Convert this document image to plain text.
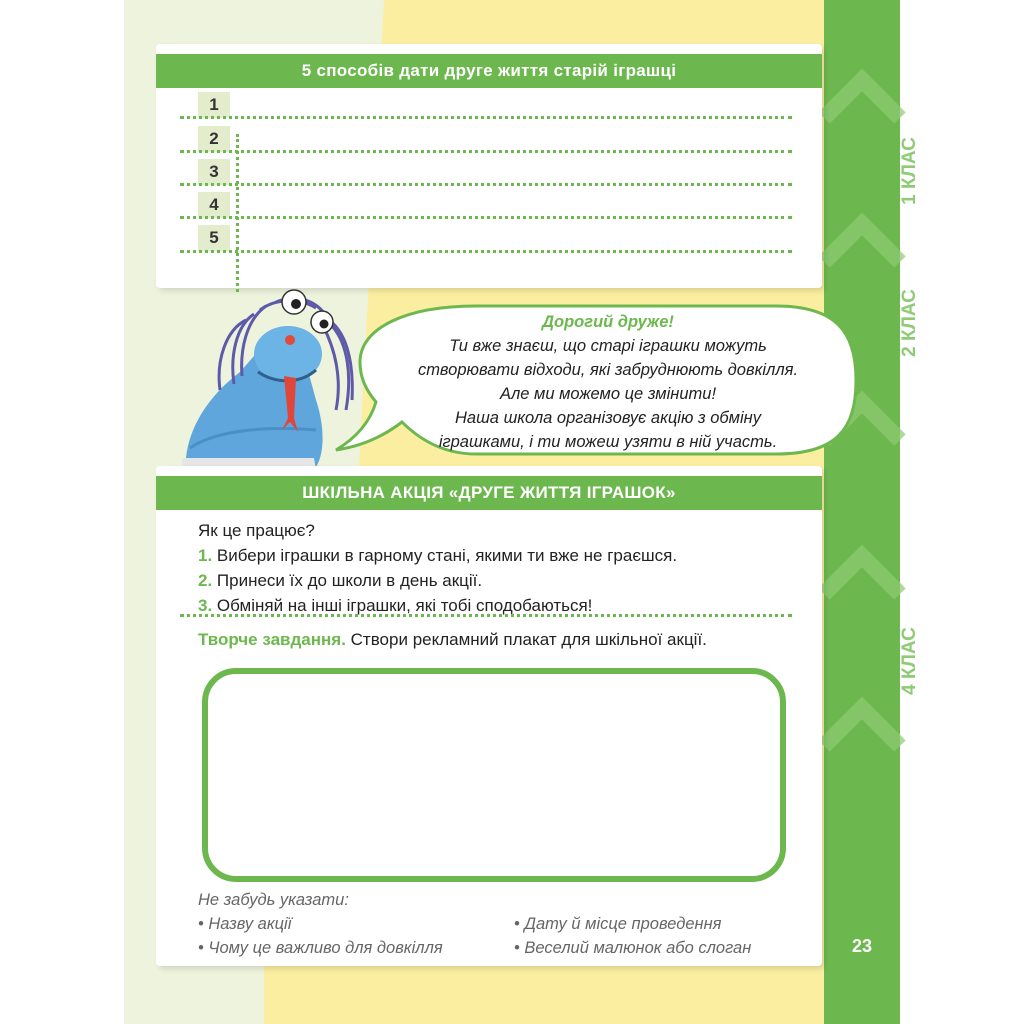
1 КЛАС
2 КЛАС
3 КЛАС
4 КЛАС
23
5 способів дати друге життя старій іграшці
1
2
3
4
5
Дорогий друже!
Ти вже знаєш, що старі іграшки можуть
створювати відходи, які забруднюють довкілля.
Але ми можемо це змінити!
Наша школа організовує акцію з обміну
іграшками, і ти можеш узяти в ній участь.
ШКІЛЬНА АКЦІЯ «ДРУГЕ ЖИТТЯ ІГРАШОК»
Як це працює?
1. Вибери іграшки в гарному стані, якими ти вже не граєшся.
2. Принеси їх до школи в день акції.
3. Обміняй на інші іграшки, які тобі сподобаються!
Творче завдання. Створи рекламний плакат для шкільної акції.
Не забудь указати:
• Назву акції
• Чому це важливо для довкілля
• Дату й місце проведення
• Веселий малюнок або слоган
